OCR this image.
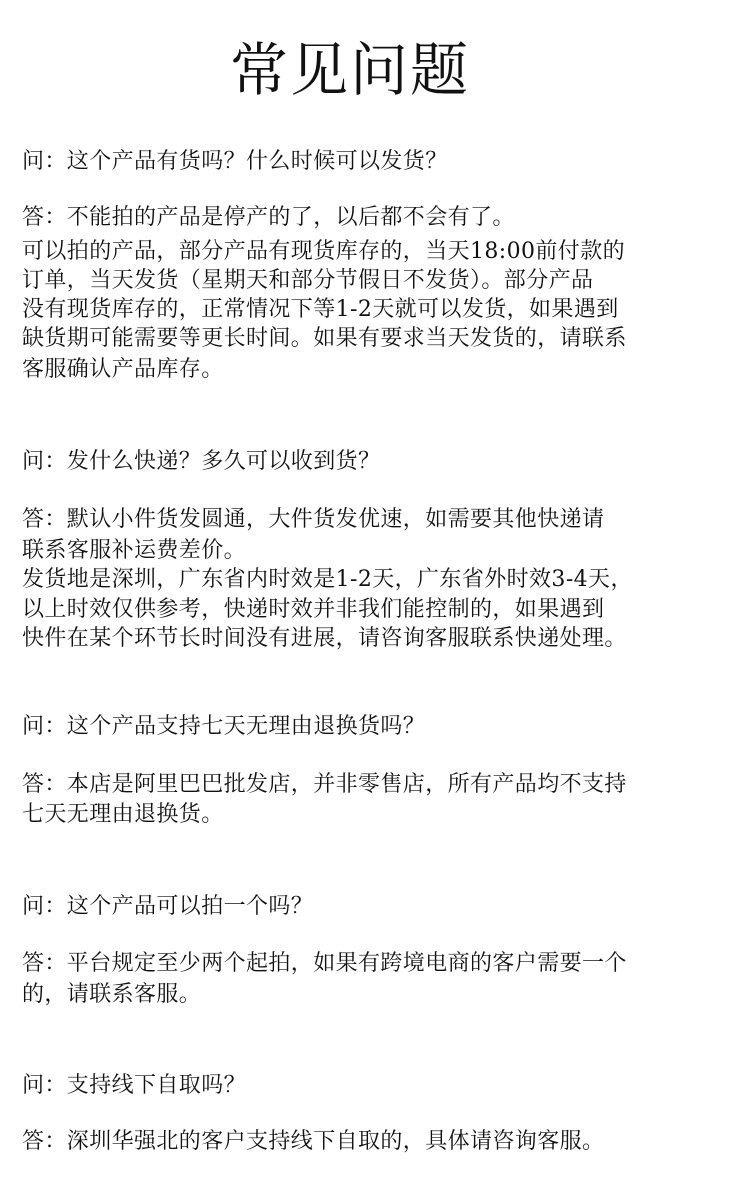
常见问题
问：这个产品有货吗？什么时候可以发货？
答：不能拍的产品是停产的了，以后都不会有了。
可以拍的产品，部分产品有现货库存的，当天18:00前付款的
订单，当天发货（星期天和部分节假日不发货）。部分产品
没有现货库存的，正常情况下等1-2天就可以发货，如果遇到
缺货期可能需要等更长时间。如果有要求当天发货的，请联系
客服确认产品库存。
问：发什么快递？多久可以收到货？
答：默认小件货发圆通，大件货发优速，如需要其他快递请
联系客服补运费差价。
发货地是深圳，广东省内时效是1-2天，广东省外时效3-4天，
以上时效仅供参考，快递时效并非我们能控制的，如果遇到
快件在某个环节长时间没有进展，请咨询客服联系快递处理。
问：这个产品支持七天无理由退换货吗？
答：本店是阿里巴巴批发店，并非零售店，所有产品均不支持
七天无理由退换货。
问：这个产品可以拍一个吗？
答：平台规定至少两个起拍，如果有跨境电商的客户需要一个
的，请联系客服。
问：支持线下自取吗？
答：深圳华强北的客户支持线下自取的，具体请咨询客服。
